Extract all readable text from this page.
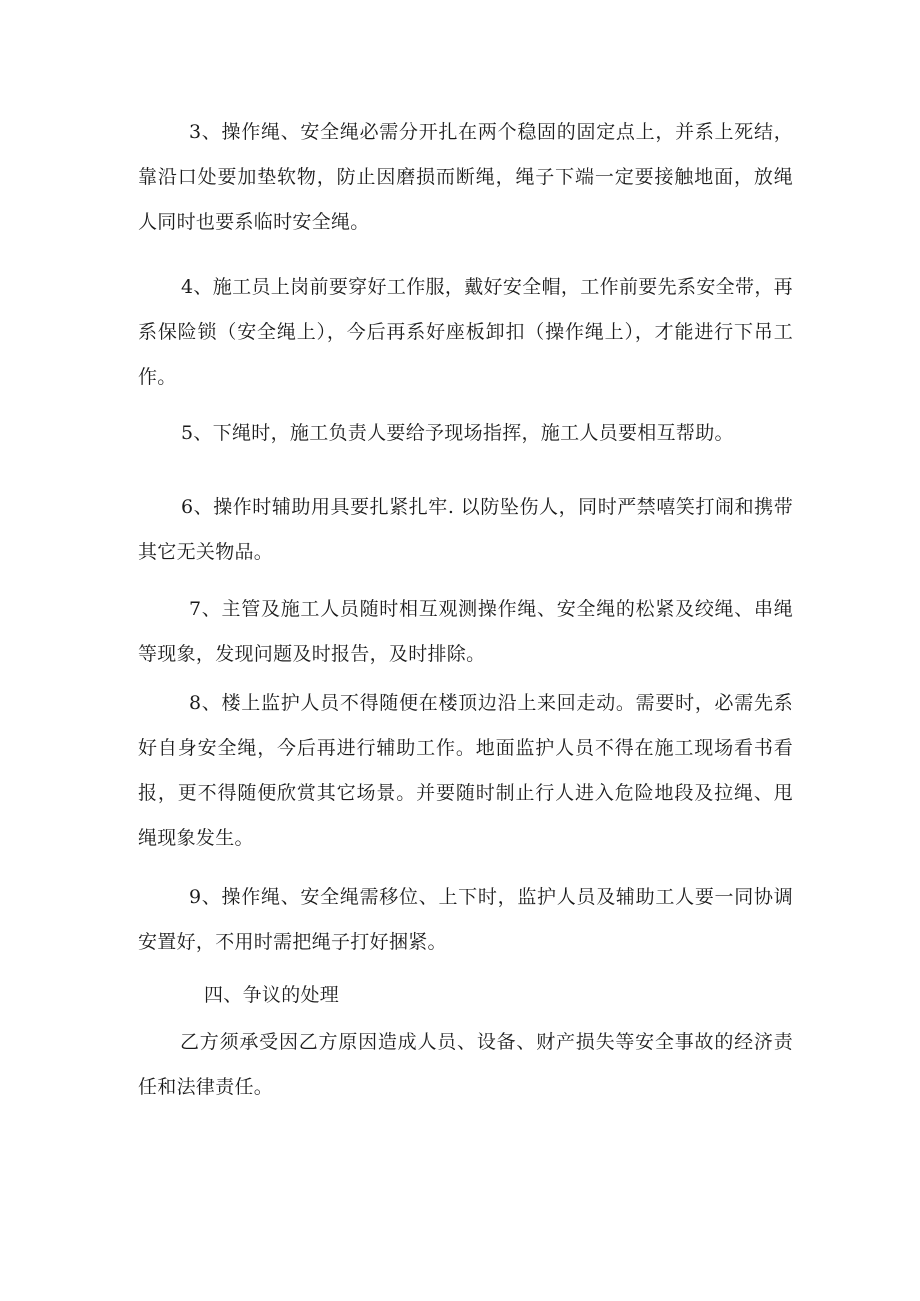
3、操作绳、安全绳必需分开扎在两个稳固的固定点上，并系上死结，靠沿口处要加垫软物，防止因磨损而断绳，绳子下端一定要接触地面，放绳人同时也要系临时安全绳。

4、施工员上岗前要穿好工作服，戴好安全帽，工作前要先系安全带，再系保险锁（安全绳上），今后再系好座板卸扣（操作绳上），才能进行下吊工作。

5、下绳时，施工负责人要给予现场指挥，施工人员要相互帮助。

6、操作时辅助用具要扎紧扎牢. 以防坠伤人，同时严禁嘻笑打闹和携带其它无关物品。

7、主管及施工人员随时相互观测操作绳、安全绳的松紧及绞绳、串绳等现象，发现问题及时报告，及时排除。

8、楼上监护人员不得随便在楼顶边沿上来回走动。需要时，必需先系好自身安全绳，今后再进行辅助工作。地面监护人员不得在施工现场看书看报，更不得随便欣赏其它场景。并要随时制止行人进入危险地段及拉绳、甩绳现象发生。

9、操作绳、安全绳需移位、上下时，监护人员及辅助工人要一同协调安置好，不用时需把绳子打好捆紧。

四、争议的处理

乙方须承受因乙方原因造成人员、设备、财产损失等安全事故的经济责任和法律责任。
